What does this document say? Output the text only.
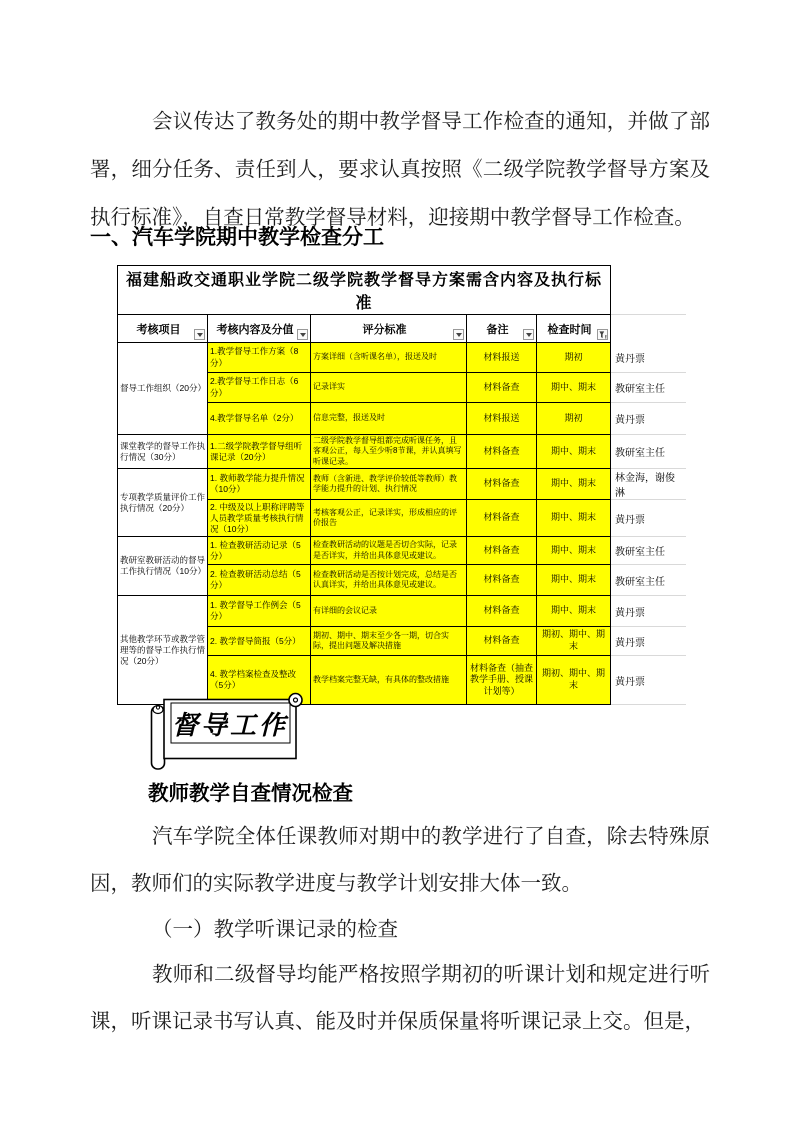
会议传达了教务处的期中教学督导工作检查的通知，并做了部署，细分任务、责任到人，要求认真按照《二级学院教学督导方案及执行标准》，自查日常教学督导材料，迎接期中教学督导工作检查。

一、汽车学院期中教学检查分工
福建船政交通职业学院二级学院教学督导方案需含内容及执行标准					
考核项目	考核内容及分值	评分标准	备注	检查时间

督导工作组织（20分）	1.教学督导工作方案（8分）	方案详细（含听课名单），报送及时	材料报送	期初	黄丹票
	2.教学督导工作日志（6分）	记录详实	材料备查	期中、期末	教研室主任
	4.教学督导名单（2分）	信息完整，报送及时	材料报送	期初	黄丹票
课堂教学的督导工作执行情况（30分）	1.二级学院教学督导组听课记录（20分）	二级学院教学督导组都完成听课任务，且客观公正，每人至少听8节课，并认真填写听课记录。	材料备查	期中、期末	教研室主任
专项教学质量评价工作执行情况（20分）	1. 教师教学能力提升情况（10分）	教师（含新进、教学评价较低等教师）教学能力提升的计划、执行情况	材料备查	期中、期末	林金海，谢俊淋
	2. 中级及以上职称评聘等人员教学质量考核执行情况（10分）	考核客观公正，记录详实，形成相应的评价报告	材料备查	期中、期末	黄丹票
教研室教研活动的督导工作执行情况（10分）	1. 检查教研活动记录（5分）	检查教研活动的议题是否切合实际，记录是否详实，并给出具体意见或建议。	材料备查	期中、期末	教研室主任
	2. 检查教研活动总结（5分）	检查教研活动是否按计划完成，总结是否认真详实，并给出具体意见或建议。	材料备查	期中、期末	教研室主任
其他教学环节或教学管理等的督导工作执行情况（20分）	1. 教学督导工作例会（5分）	有详细的会议记录	材料备查	期中、期末	黄丹票
	2. 教学督导简报（5分）	期初、期中、期末至少各一期，切合实际，提出问题及解决措施	材料备查	期初、期中、期末	黄丹票
	4. 教学档案检查及整改（5分）	教学档案完整无缺，有具体的整改措施	材料备查（抽查教学手册、授课计划等）	期初、期中、期末	黄丹票
督导工作
教师教学自查情况检查

汽车学院全体任课教师对期中的教学进行了自查，除去特殊原因，教师们的实际教学进度与教学计划安排大体一致。

（一）教学听课记录的检查

教师和二级督导均能严格按照学期初的听课计划和规定进行听课，听课记录书写认真、能及时并保质保量将听课记录上交。但是，
